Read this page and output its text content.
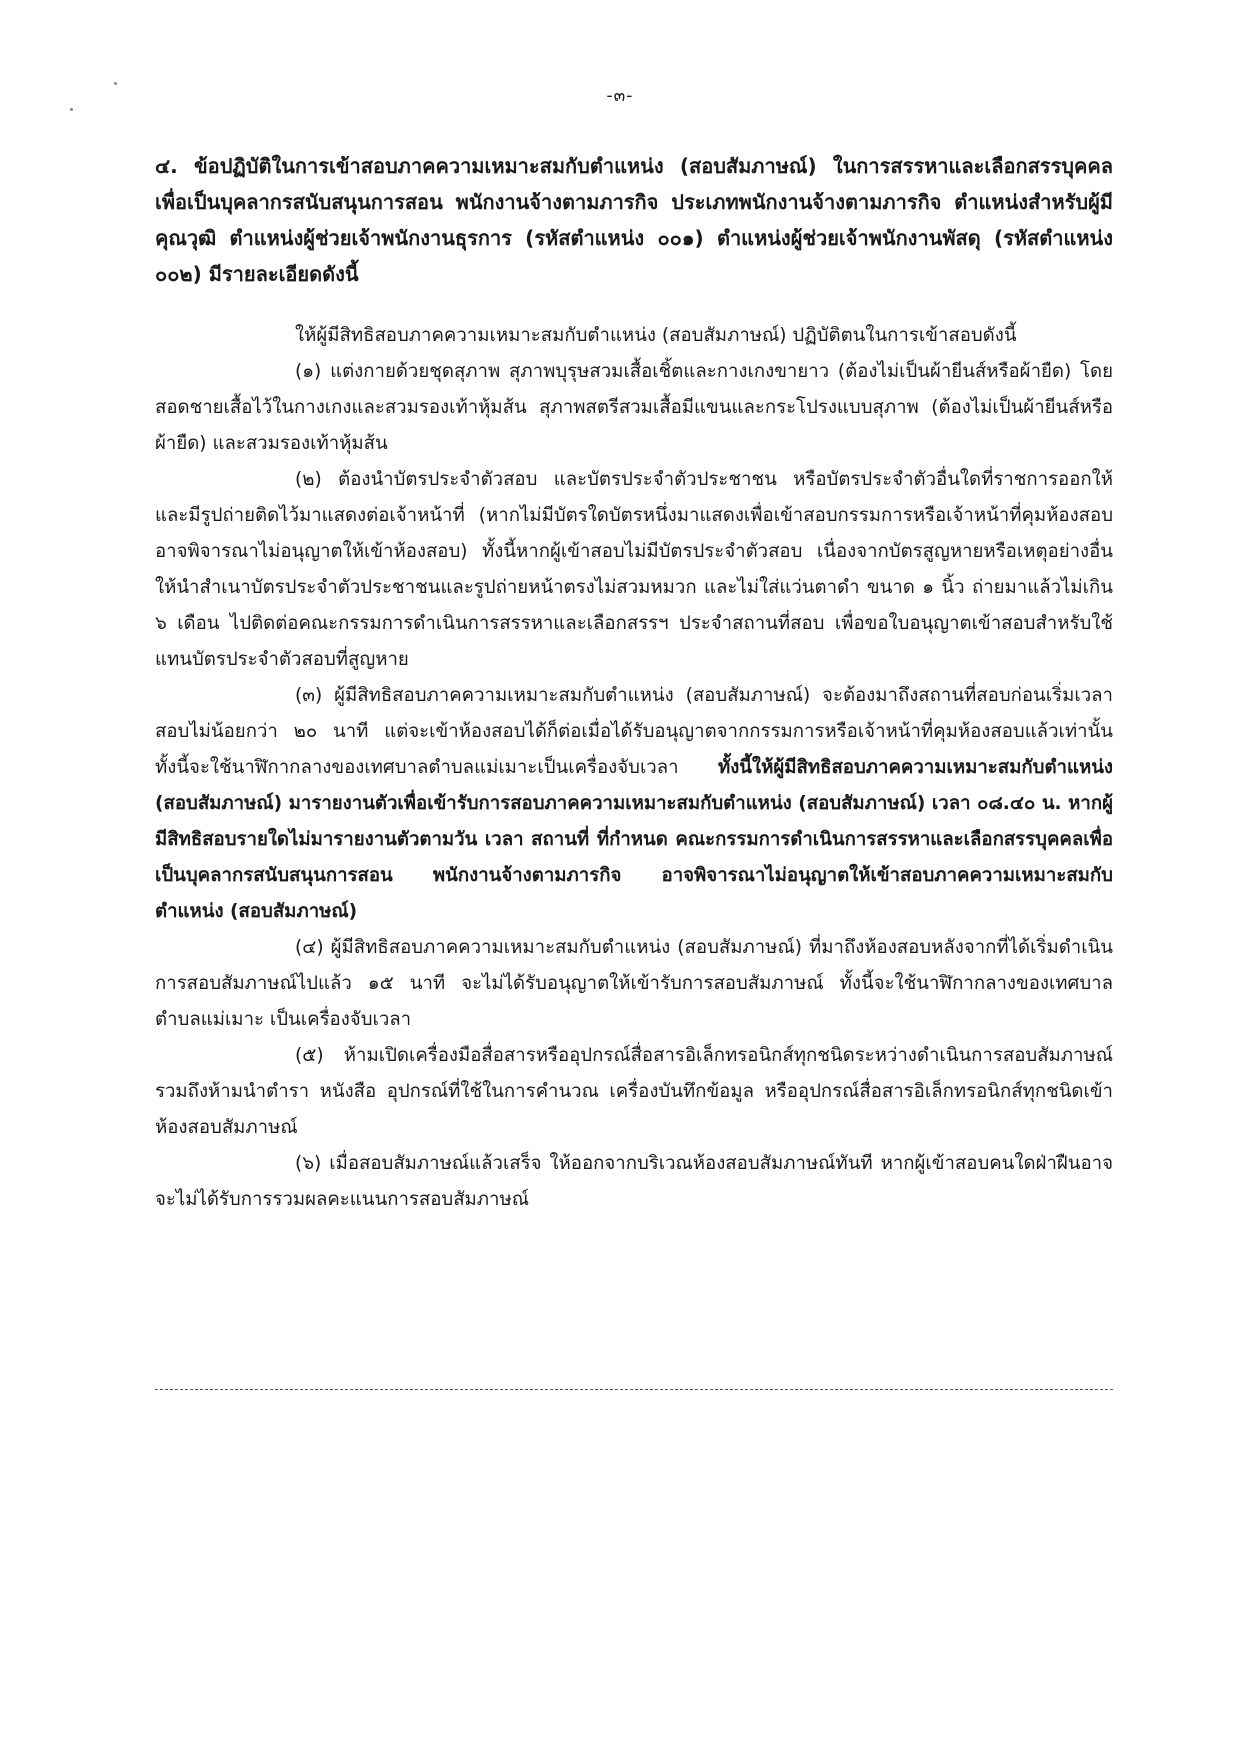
-๓-

๔. ข้อปฏิบัติในการเข้าสอบภาคความเหมาะสมกับตำแหน่ง (สอบสัมภาษณ์) ในการสรรหาและเลือกสรรบุคคล เพื่อเป็นบุคลากรสนับสนุนการสอน พนักงานจ้างตามภารกิจ ประเภทพนักงานจ้างตามภารกิจ ตำแหน่งสำหรับผู้มีคุณวุฒิ ตำแหน่งผู้ช่วยเจ้าพนักงานธุรการ (รหัสตำแหน่ง ๐๐๑) ตำแหน่งผู้ช่วยเจ้าพนักงานพัสดุ (รหัสตำแหน่ง ๐๐๒) มีรายละเอียดดังนี้

ให้ผู้มีสิทธิสอบภาคความเหมาะสมกับตำแหน่ง (สอบสัมภาษณ์) ปฏิบัติตนในการเข้าสอบดังนี้

(๑) แต่งกายด้วยชุดสุภาพ สุภาพบุรุษสวมเสื้อเชิ้ตและกางเกงขายาว (ต้องไม่เป็นผ้ายีนส์หรือผ้ายืด) โดยสอดชายเสื้อไว้ในกางเกงและสวมรองเท้าหุ้มส้น สุภาพสตรีสวมเสื้อมีแขนและกระโปรงแบบสุภาพ (ต้องไม่เป็นผ้ายีนส์หรือผ้ายืด) และสวมรองเท้าหุ้มส้น

(๒) ต้องนำบัตรประจำตัวสอบ และบัตรประจำตัวประชาชน หรือบัตรประจำตัวอื่นใดที่ราชการออกให้และมีรูปถ่ายติดไว้มาแสดงต่อเจ้าหน้าที่ (หากไม่มีบัตรใดบัตรหนึ่งมาแสดงเพื่อเข้าสอบกรรมการหรือเจ้าหน้าที่คุมห้องสอบอาจพิจารณาไม่อนุญาตให้เข้าห้องสอบ) ทั้งนี้หากผู้เข้าสอบไม่มีบัตรประจำตัวสอบ เนื่องจากบัตรสูญหายหรือเหตุอย่างอื่น ให้นำสำเนาบัตรประจำตัวประชาชนและรูปถ่ายหน้าตรงไม่สวมหมวก และไม่ใส่แว่นตาดำ ขนาด ๑ นิ้ว ถ่ายมาแล้วไม่เกิน ๖ เดือน ไปติดต่อคณะกรรมการดำเนินการสรรหาและเลือกสรรฯ ประจำสถานที่สอบ เพื่อขอใบอนุญาตเข้าสอบสำหรับใช้แทนบัตรประจำตัวสอบที่สูญหาย

(๓) ผู้มีสิทธิสอบภาคความเหมาะสมกับตำแหน่ง (สอบสัมภาษณ์) จะต้องมาถึงสถานที่สอบก่อนเริ่มเวลาสอบไม่น้อยกว่า ๒๐ นาที แต่จะเข้าห้องสอบได้ก็ต่อเมื่อได้รับอนุญาตจากกรรมการหรือเจ้าหน้าที่คุมห้องสอบแล้วเท่านั้น ทั้งนี้จะใช้นาฬิกากลางของเทศบาลตำบลแม่เมาะเป็นเครื่องจับเวลา ทั้งนี้ให้ผู้มีสิทธิสอบภาคความเหมาะสมกับตำแหน่ง (สอบสัมภาษณ์) มารายงานตัวเพื่อเข้ารับการสอบภาคความเหมาะสมกับตำแหน่ง (สอบสัมภาษณ์) เวลา ๐๘.๔๐ น. หากผู้มีสิทธิสอบรายใดไม่มารายงานตัวตามวัน เวลา สถานที่ ที่กำหนด คณะกรรมการดำเนินการสรรหาและเลือกสรรบุคคลเพื่อเป็นบุคลากรสนับสนุนการสอน พนักงานจ้างตามภารกิจ อาจพิจารณาไม่อนุญาตให้เข้าสอบภาคความเหมาะสมกับตำแหน่ง (สอบสัมภาษณ์)

(๔) ผู้มีสิทธิสอบภาคความเหมาะสมกับตำแหน่ง (สอบสัมภาษณ์) ที่มาถึงห้องสอบหลังจากที่ได้เริ่มดำเนินการสอบสัมภาษณ์ไปแล้ว ๑๕ นาที จะไม่ได้รับอนุญาตให้เข้ารับการสอบสัมภาษณ์ ทั้งนี้จะใช้นาฬิกากลางของเทศบาลตำบลแม่เมาะ เป็นเครื่องจับเวลา

(๕) ห้ามเปิดเครื่องมือสื่อสารหรืออุปกรณ์สื่อสารอิเล็กทรอนิกส์ทุกชนิดระหว่างดำเนินการสอบสัมภาษณ์ รวมถึงห้ามนำตำรา หนังสือ อุปกรณ์ที่ใช้ในการคำนวณ เครื่องบันทึกข้อมูล หรืออุปกรณ์สื่อสารอิเล็กทรอนิกส์ทุกชนิดเข้าห้องสอบสัมภาษณ์

(๖) เมื่อสอบสัมภาษณ์แล้วเสร็จ ให้ออกจากบริเวณห้องสอบสัมภาษณ์ทันที หากผู้เข้าสอบคนใดฝ่าฝืนอาจจะไม่ได้รับการรวมผลคะแนนการสอบสัมภาษณ์
